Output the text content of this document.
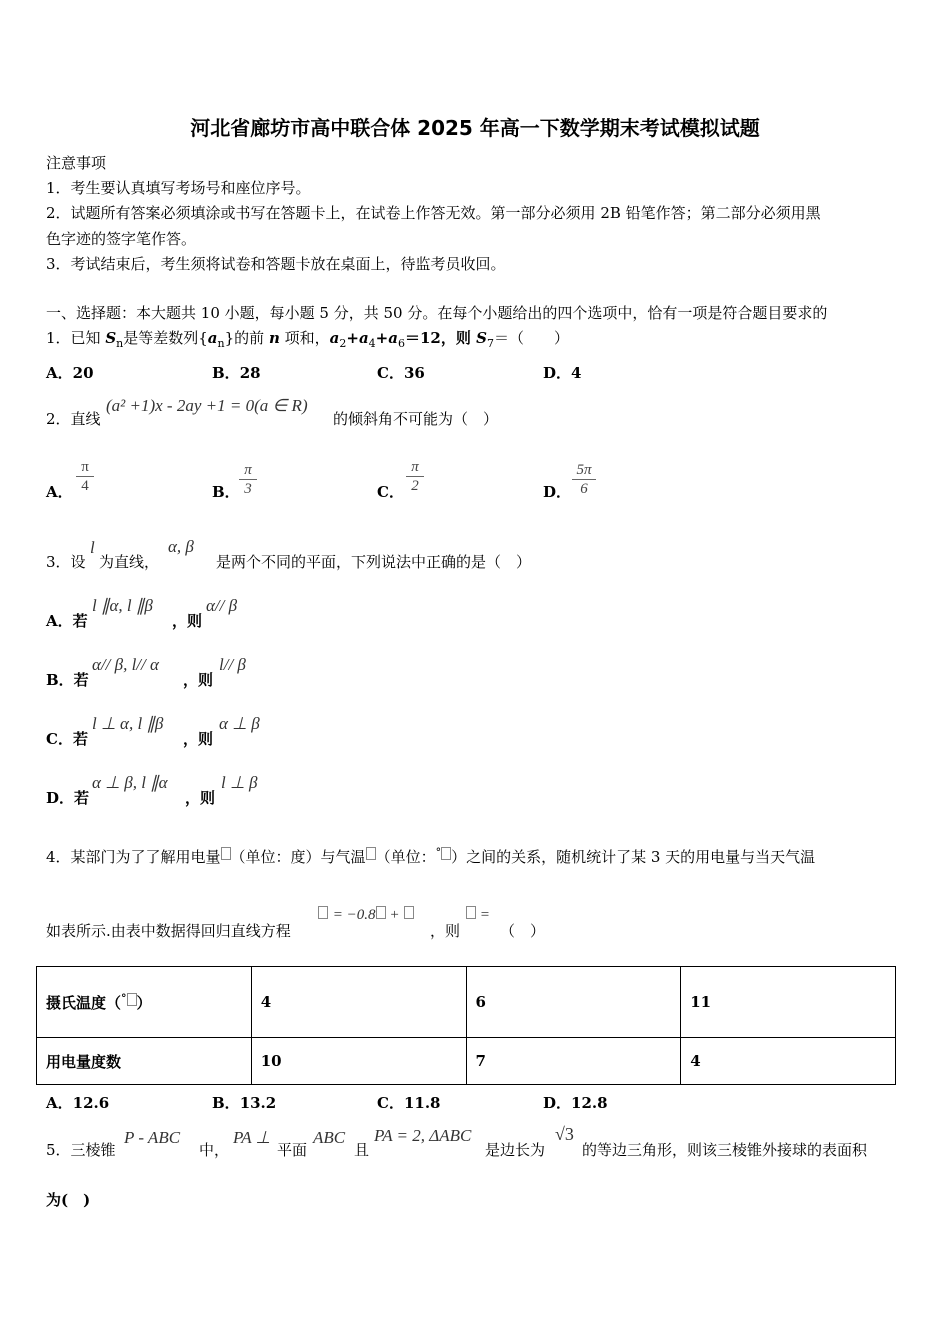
河北省廊坊市高中联合体 2025 年高一下数学期末考试模拟试题
注意事项
1．考生要认真填写考场号和座位序号。
2．试题所有答案必须填涂或书写在答题卡上，在试卷上作答无效。第一部分必须用 2B 铅笔作答；第二部分必须用黑
色字迹的签字笔作答。
3．考试结束后，考生须将试卷和答题卡放在桌面上，待监考员收回。
一、选择题：本大题共 10 小题，每小题 5 分，共 50 分。在每个小题给出的四个选项中，恰有一项是符合题目要求的
1．已知 $S_n$是等差数列$\{a_n\}$的前 n 项和，$a_2+a_4+a_6=12$，则 $S_7=$（　　）
A．20	B．28	C．36	D．4
2．直线
(a² +1)x - 2ay +1 = 0(a ∈ R)
的倾斜角不可能为（　）
A． $\frac{\pi}{4}$	B． $\frac{\pi}{3}$	C． $\frac{\pi}{2}$	D． $\frac{5\pi}{6}$
3．设
l
为直线，
α, β
是两个不同的平面，下列说法中正确的是（　）
A．若
l ∥α, l ∥β
，则
α// β
B．若
α// β, l// α
，则
l// β
C．若
l ⊥ α, l ∥β
，则
α ⊥ β
D．若
α ⊥ β, l ∥α
，则
l ⊥ β
4．某部门为了了解用电量 （单位：度）与气温 （单位：° ）之间的关系，随机统计了某 3 天的用电量与当天气温
如表所示.由表中数据得回归直线方程
= −0.8 +
，则
=
（　）
摄氏温度（° ）	4	6	11
用电量度数	10	7	4
A．12.6	B．13.2	C．11.8	D．12.8
5．三棱锥
P - ABC
中，
PA ⊥
平面
ABC
且
PA = 2, ΔABC
是边长为
√3
的等边三角形，则该三棱锥外接球的表面积
为(　)
